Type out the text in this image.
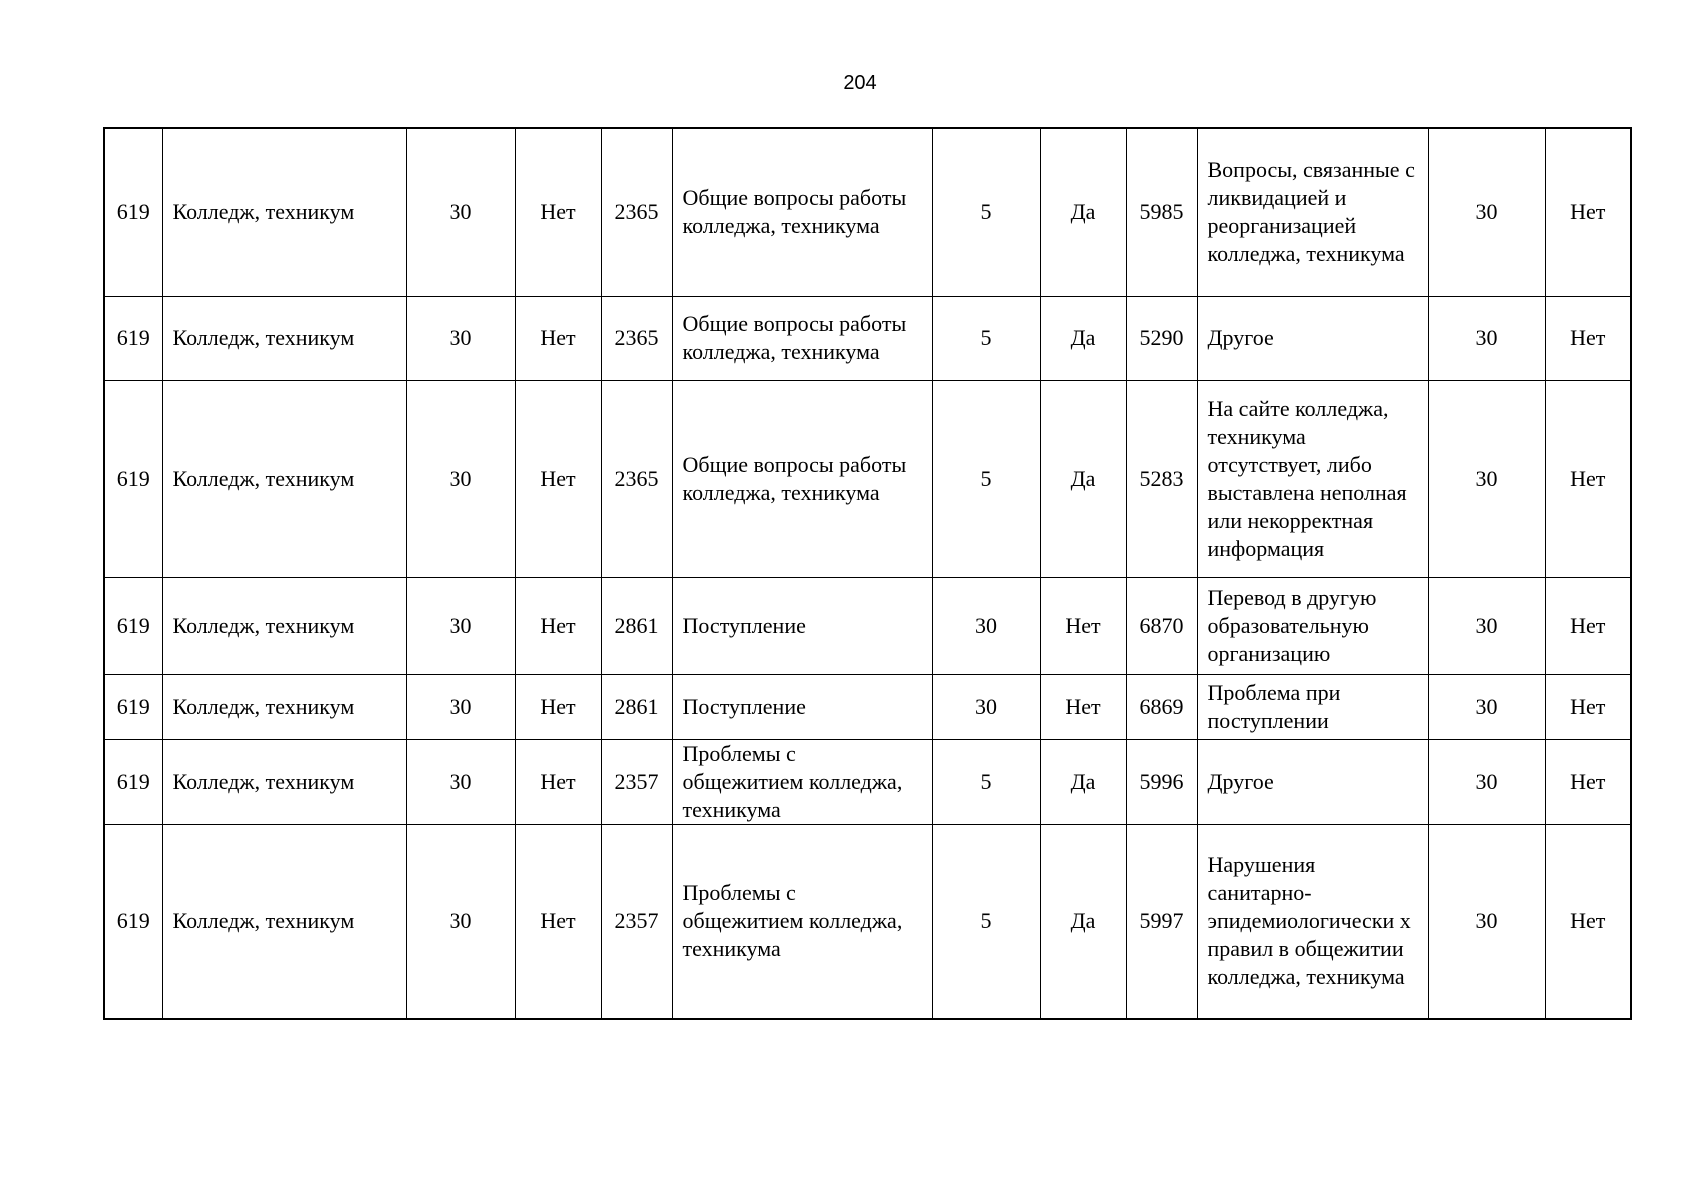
204
619	Колледж, техникум	30	Нет	2365	Общие вопросы работы колледжа, техникума	5	Да	5985	Вопросы, связанные с ликвидацией и реорганизацией колледжа, техникума	30	Нет
619	Колледж, техникум	30	Нет	2365	Общие вопросы работы колледжа, техникума	5	Да	5290	Другое	30	Нет
619	Колледж, техникум	30	Нет	2365	Общие вопросы работы колледжа, техникума	5	Да	5283	На сайте колледжа, техникума отсутствует, либо выставлена неполная или некорректная информация	30	Нет
619	Колледж, техникум	30	Нет	2861	Поступление	30	Нет	6870	Перевод в другую образовательную организацию	30	Нет
619	Колледж, техникум	30	Нет	2861	Поступление	30	Нет	6869	Проблема при поступлении	30	Нет
619	Колледж, техникум	30	Нет	2357	Проблемы с общежитием колледжа, техникума	5	Да	5996	Другое	30	Нет
619	Колледж, техникум	30	Нет	2357	Проблемы с общежитием колледжа, техникума	5	Да	5997	Нарушения санитарно-эпидемиологически х правил в общежитии колледжа, техникума	30	Нет
